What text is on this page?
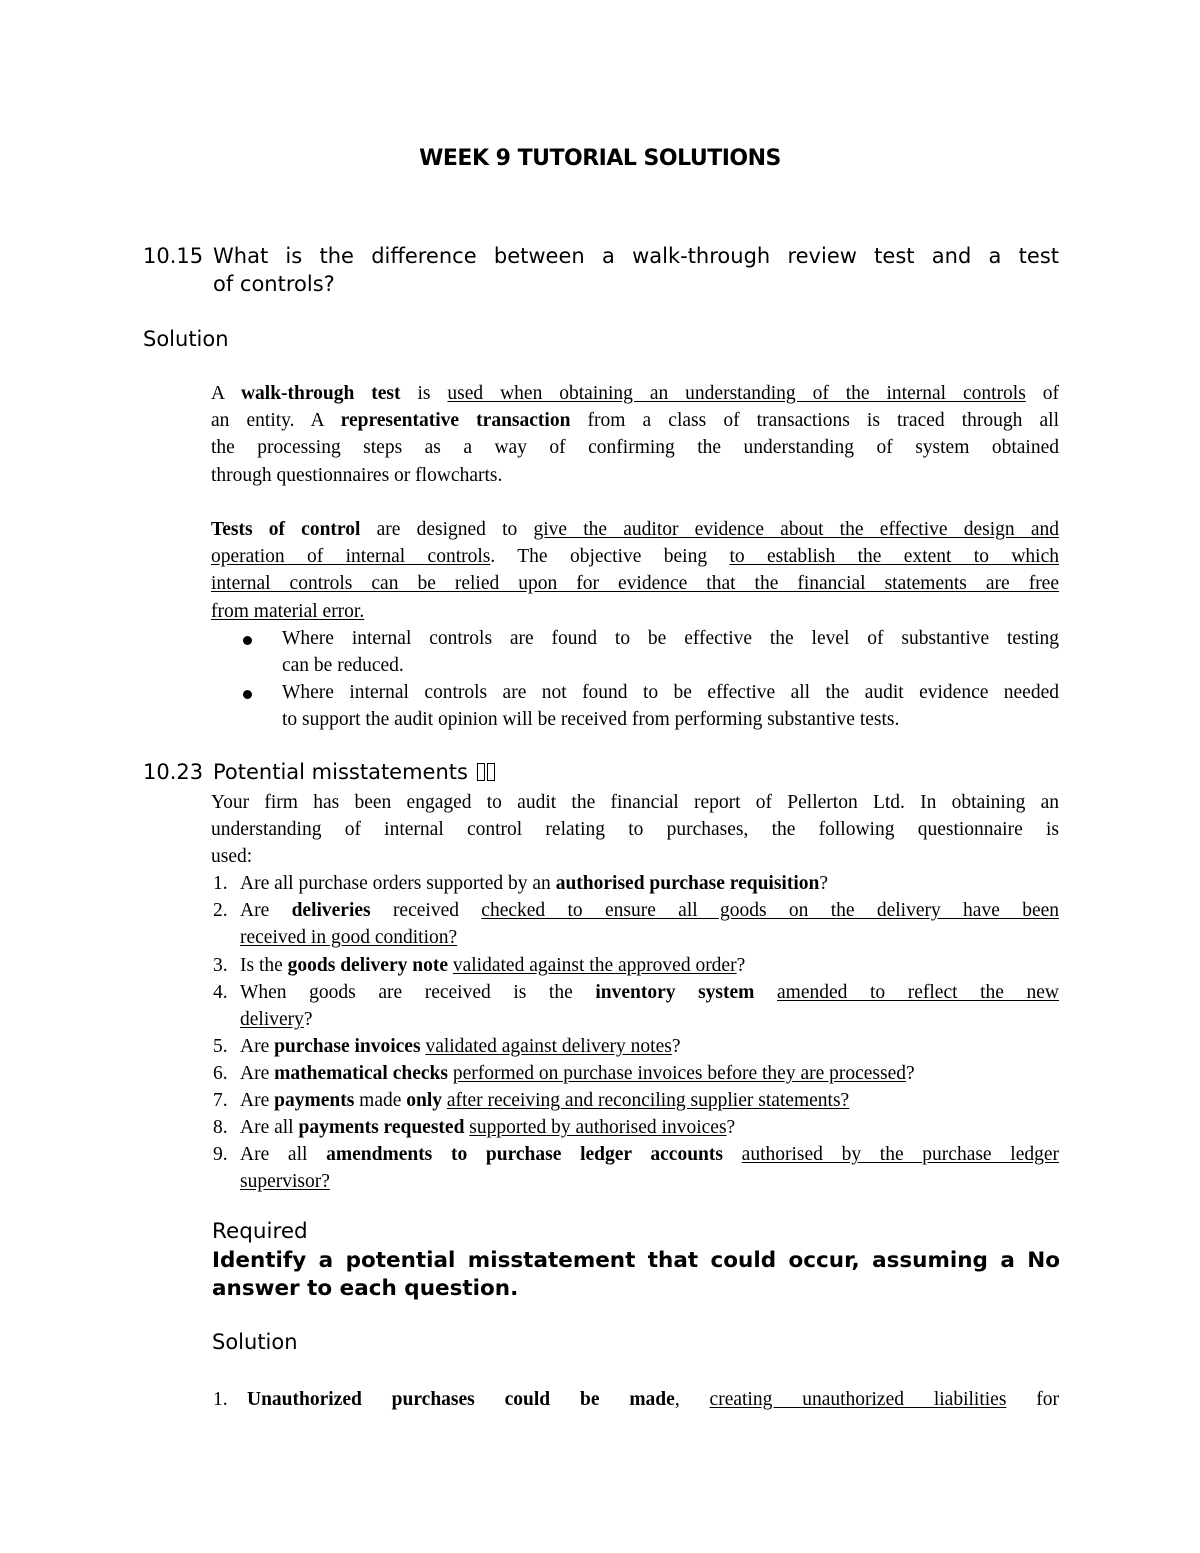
WEEK 9 TUTORIAL SOLUTIONS
10.15 What is the difference between a walk-through review test and a test
of controls?
Solution
A walk-through test is used when obtaining an understanding of the internal controls of
an entity. A representative transaction from a class of transactions is traced through all
the processing steps as a way of confirming the understanding of system obtained
through questionnaires or flowcharts.
Tests of control are designed to give the auditor evidence about the effective design and
operation of internal controls. The objective being to establish the extent to which
internal controls can be relied upon for evidence that the financial statements are free
from material error.
Where internal controls are found to be effective the level of substantive testing
can be reduced.
Where internal controls are not found to be effective all the audit evidence needed
to support the audit opinion will be received from performing substantive tests.
10.23 Potential misstatements
Your firm has been engaged to audit the financial report of Pellerton Ltd. In obtaining an
understanding of internal control relating to purchases, the following questionnaire is
used:
1. Are all purchase orders supported by an authorised purchase requisition?
2. Are deliveries received checked to ensure all goods on the delivery have been
received in good condition?
3. Is the goods delivery note validated against the approved order?
4. When goods are received is the inventory system amended to reflect the new
delivery?
5. Are purchase invoices validated against delivery notes?
6. Are mathematical checks performed on purchase invoices before they are processed?
7. Are payments made only after receiving and reconciling supplier statements?
8. Are all payments requested supported by authorised invoices?
9. Are all amendments to purchase ledger accounts authorised by the purchase ledger
supervisor?
Required
Identify a potential misstatement that could occur, assuming a No
answer to each question.
Solution
1. Unauthorized purchases could be made, creating unauthorized liabilities for
